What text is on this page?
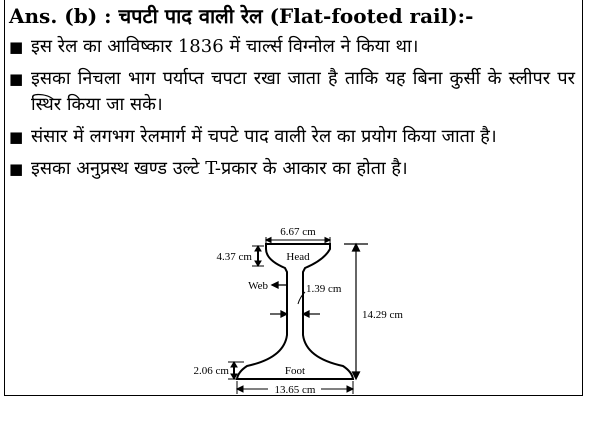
Ans. (b) : चपटी पाद वाली रेल (Flat-footed rail):-
■ इस रेल का आविष्कार 1836 में चार्ल्स विग्नोल ने किया था।
■ इसका निचला भाग पर्याप्त चपटा रखा जाता है ताकि यह बिना कुर्सी के स्लीपर पर स्थिर किया जा सके।
■ संसार में लगभग रेलमार्ग में चपटे पाद वाली रेल का प्रयोग किया जाता है।
■ इसका अनुप्रस्थ खण्ड उल्टे T-प्रकार के आकार का होता है।
6.67 cm
4.37 cm	Head
Web	1.39 cm
14.29 cm
2.06 cm	Foot
13.65 cm
